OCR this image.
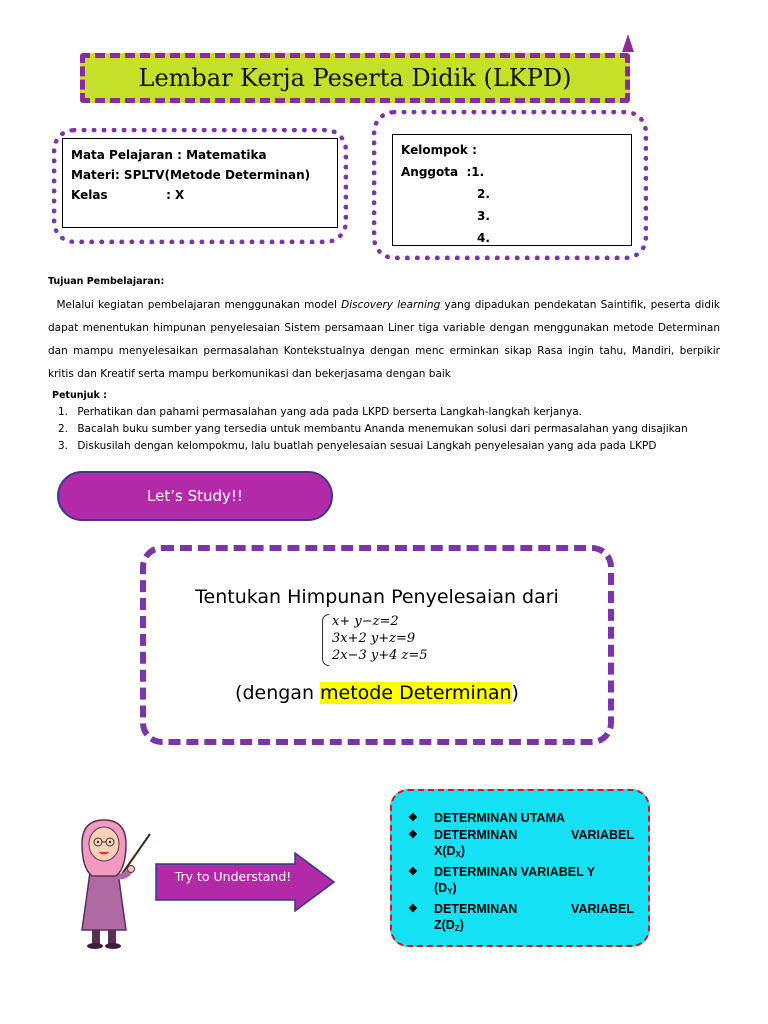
Lembar Kerja Peserta Didik (LKPD)
Mata Pelajaran : Matematika
Materi: SPLTV(Metode Determinan)
Kelas              : X
Kelompok :
Anggota  :1.
2.
3.
4.
Tujuan Pembelajaran:
Melalui kegiatan pembelajaran menggunakan model Discovery learning yang dipadukan pendekatan Saintifik, peserta didik dapat menentukan himpunan penyelesaian Sistem persamaan Liner tiga variable dengan menggunakan metode Determinan dan mampu menyelesaikan permasalahan Kontekstualnya dengan menc erminkan sikap Rasa ingin tahu, Mandiri, berpikir kritis dan Kreatif serta mampu berkomunikasi dan bekerjasama dengan baik
Petunjuk :
1. Perhatikan dan pahami permasalahan yang ada pada LKPD berserta Langkah-langkah kerjanya.
2. Bacalah buku sumber yang tersedia untuk membantu Ananda menemukan solusi dari permasalahan yang disajikan
3. Diskusilah dengan kelompokmu, lalu buatlah penyelesaian sesuai Langkah penyelesaian yang ada pada LKPD
Let’s Study!!
Tentukan Himpunan Penyelesaian dari
x+ y−z=2
3x+2 y+z=9
2x−3 y+4 z=5
(dengan metode Determinan)
Try to Understand!
❖	DETERMINAN UTAMA
❖	DETERMINAN	VARIABEL
$X(D_X)$
❖	DETERMINAN VARIABEL Y
$(D_Y)$
❖	DETERMINAN	VARIABEL
$Z(D_Z)$
